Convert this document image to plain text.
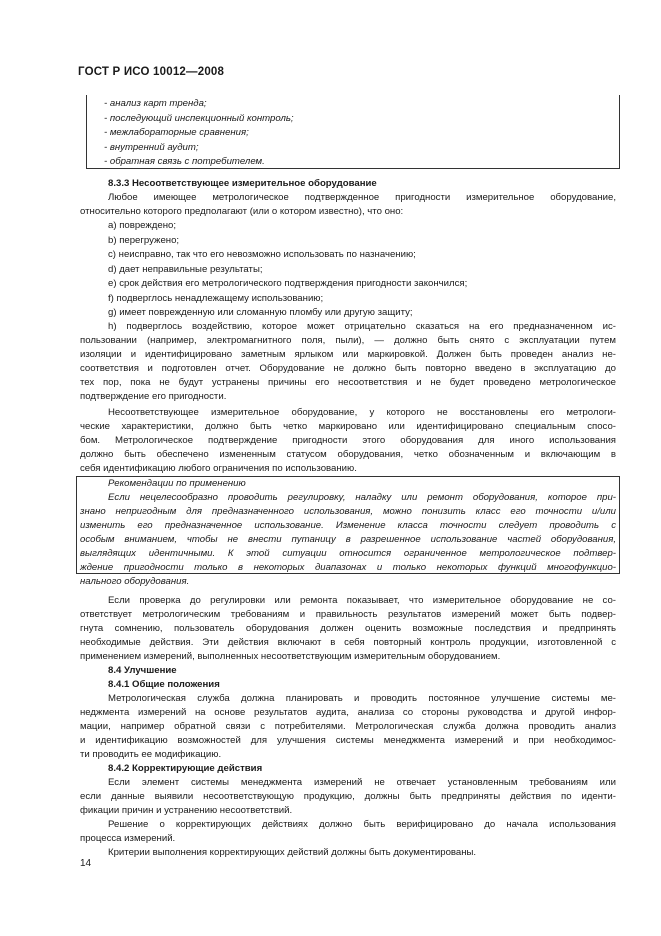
ГОСТ Р ИСО 10012—2008
- анализ карт тренда;
- последующий инспекционный контроль;
- межлабораторные сравнения;
- внутренний аудит;
- обратная связь с потребителем.
8.3.3 Несоответствующее измерительное оборудование
Любое имеющее метрологическое подтвержденное пригодности измерительное оборудование,
относительно которого предполагают (или о котором известно), что оно:
a) повреждено;
b) перегружено;
c) неисправно, так что его невозможно использовать по назначению;
d) дает неправильные результаты;
e) срок действия его метрологического подтверждения пригодности закончился;
f) подверглось ненадлежащему использованию;
g) имеет поврежденную или сломанную пломбу или другую защиту;
h) подверглось воздействию, которое может отрицательно сказаться на его предназначенном ис-
пользовании (например, электромагнитного поля, пыли), — должно быть снято с эксплуатации путем
изоляции и идентифицировано заметным ярлыком или маркировкой. Должен быть проведен анализ не-
соответствия и подготовлен отчет. Оборудование не должно быть повторно введено в эксплуатацию до
тех пор, пока не будут устранены причины его несоответствия и не будет проведено метрологическое
подтверждение его пригодности.
Несоответствующее измерительное оборудование, у которого не восстановлены его метрологи-
ческие характеристики, должно быть четко маркировано или идентифицировано специальным спосо-
бом. Метрологическое подтверждение пригодности этого оборудования для иного использования
должно быть обеспечено измененным статусом оборудования, четко обозначенным и включающим в
себя идентификацию любого ограничения по использованию.
Рекомендации по применению
Если нецелесообразно проводить регулировку, наладку или ремонт оборудования, которое при-
знано непригодным для предназначенного использования, можно понизить класс его точности и/или
изменить его предназначенное использование. Изменение класса точности следует проводить с
особым вниманием, чтобы не внести путаницу в разрешенное использование частей оборудования,
выглядящих идентичными. К этой ситуации относится ограниченное метрологическое подтвер-
ждение пригодности только в некоторых диапазонах и только некоторых функций многофункцио-
нального оборудования.
Если проверка до регулировки или ремонта показывает, что измерительное оборудование не со-
ответствует метрологическим требованиям и правильность результатов измерений может быть подвер-
гнута сомнению, пользователь оборудования должен оценить возможные последствия и предпринять
необходимые действия. Эти действия включают в себя повторный контроль продукции, изготовленной с
применением измерений, выполненных несоответствующим измерительным оборудованием.
8.4 Улучшение
8.4.1 Общие положения
Метрологическая служба должна планировать и проводить постоянное улучшение системы ме-
неджмента измерений на основе результатов аудита, анализа со стороны руководства и другой инфор-
мации, например обратной связи с потребителями. Метрологическая служба должна проводить анализ
и идентификацию возможностей для улучшения системы менеджмента измерений и при необходимос-
ти проводить ее модификацию.
8.4.2 Корректирующие действия
Если элемент системы менеджмента измерений не отвечает установленным требованиям или
если данные выявили несоответствующую продукцию, должны быть предприняты действия по иденти-
фикации причин и устранению несоответствий.
Решение о корректирующих действиях должно быть верифицировано до начала использования
процесса измерений.
Критерии выполнения корректирующих действий должны быть документированы.
14
